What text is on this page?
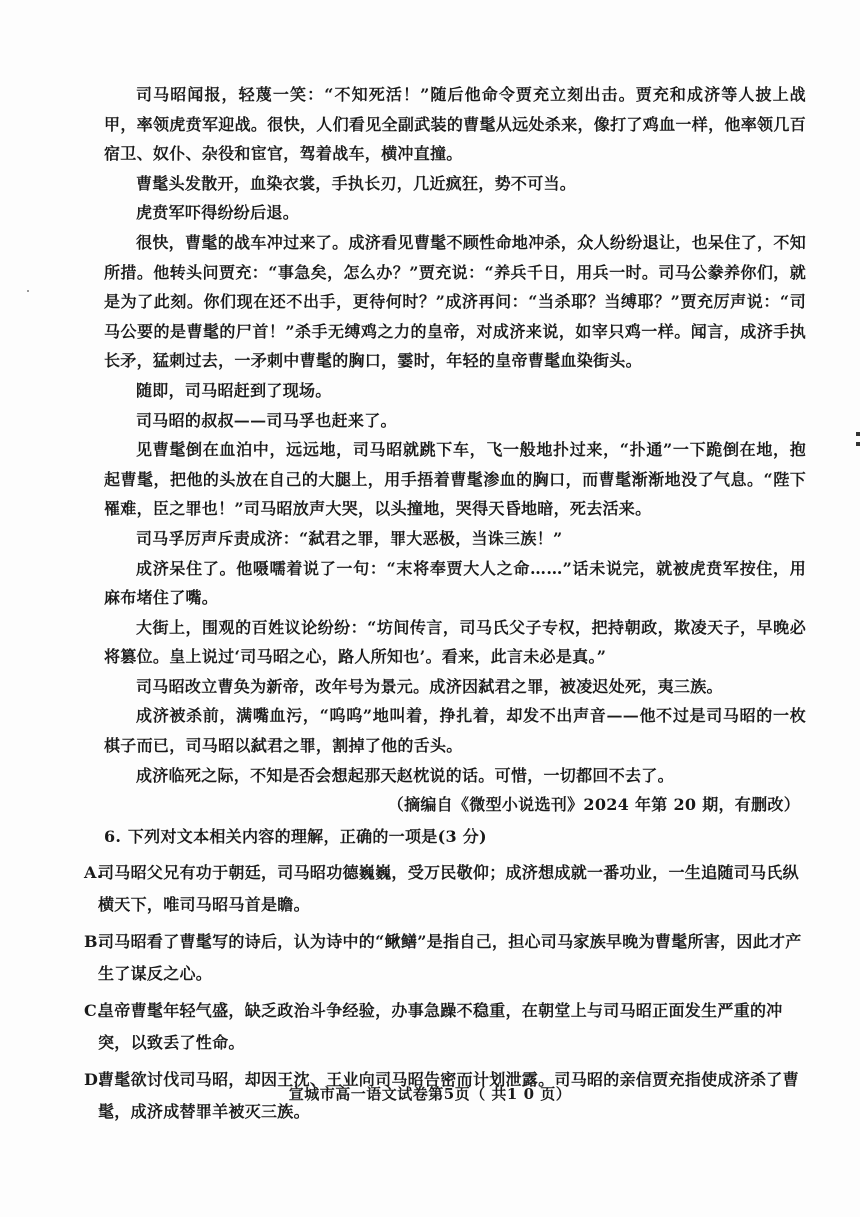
司马昭闻报，轻蔑一笑：“不知死活！”随后他命令贾充立刻出击。贾充和成济等人披上战甲，率领虎贲军迎战。很快，人们看见全副武装的曹髦从远处杀来，像打了鸡血一样，他率领几百宿卫、奴仆、杂役和宦官，驾着战车，横冲直撞。

曹髦头发散开，血染衣裳，手执长刃，几近疯狂，势不可当。

虎贲军吓得纷纷后退。

很快，曹髦的战车冲过来了。成济看见曹髦不顾性命地冲杀，众人纷纷退让，也呆住了，不知所措。他转头问贾充：“事急矣，怎么办？”贾充说：“养兵千日，用兵一时。司马公豢养你们，就是为了此刻。你们现在还不出手，更待何时？”成济再问：“当杀耶？当缚耶？”贾充厉声说：“司马公要的是曹髦的尸首！”杀手无缚鸡之力的皇帝，对成济来说，如宰只鸡一样。闻言，成济手执长矛，猛刺过去，一矛刺中曹髦的胸口，霎时，年轻的皇帝曹髦血染街头。

随即，司马昭赶到了现场。

司马昭的叔叔——司马孚也赶来了。

见曹髦倒在血泊中，远远地，司马昭就跳下车，飞一般地扑过来，“扑通”一下跪倒在地，抱起曹髦，把他的头放在自己的大腿上，用手捂着曹髦渗血的胸口，而曹髦渐渐地没了气息。“陛下罹难，臣之罪也！”司马昭放声大哭，以头撞地，哭得天昏地暗，死去活来。

司马孚厉声斥责成济：“弑君之罪，罪大恶极，当诛三族！”

成济呆住了。他嗫嚅着说了一句：“末将奉贾大人之命……”话未说完，就被虎贲军按住，用麻布堵住了嘴。

大街上，围观的百姓议论纷纷：“坊间传言，司马氏父子专权，把持朝政，欺凌天子，早晚必将篡位。皇上说过‘司马昭之心，路人所知也’。看来，此言未必是真。”

司马昭改立曹奂为新帝，改年号为景元。成济因弑君之罪，被凌迟处死，夷三族。

成济被杀前，满嘴血污，“呜呜”地叫着，挣扎着，却发不出声音——他不过是司马昭的一枚棋子而已，司马昭以弑君之罪，割掉了他的舌头。

成济临死之际，不知是否会想起那天赵枕说的话。可惜，一切都回不去了。

（摘编自《微型小说选刊》2024 年第 20 期，有删改）

6. 下列对文本相关内容的理解，正确的一项是(3 分)

A.
司马昭父兄有功于朝廷，司马昭功德巍巍，受万民敬仰；成济想成就一番功业，一生追随司马氏纵横天下，唯司马昭马首是瞻。

B.
司马昭看了曹髦写的诗后，认为诗中的“鳅鳝”是指自己，担心司马家族早晚为曹髦所害，因此才产生了谋反之心。

C.
皇帝曹髦年轻气盛，缺乏政治斗争经验，办事急躁不稳重，在朝堂上与司马昭正面发生严重的冲突，以致丢了性命。

D.
曹髦欲讨伐司马昭，却因王沈、王业向司马昭告密而计划泄露。司马昭的亲信贾充指使成济杀了曹髦，成济成替罪羊被灭三族。

宣城市高一语文试卷第5页（ 共1 0 页）
